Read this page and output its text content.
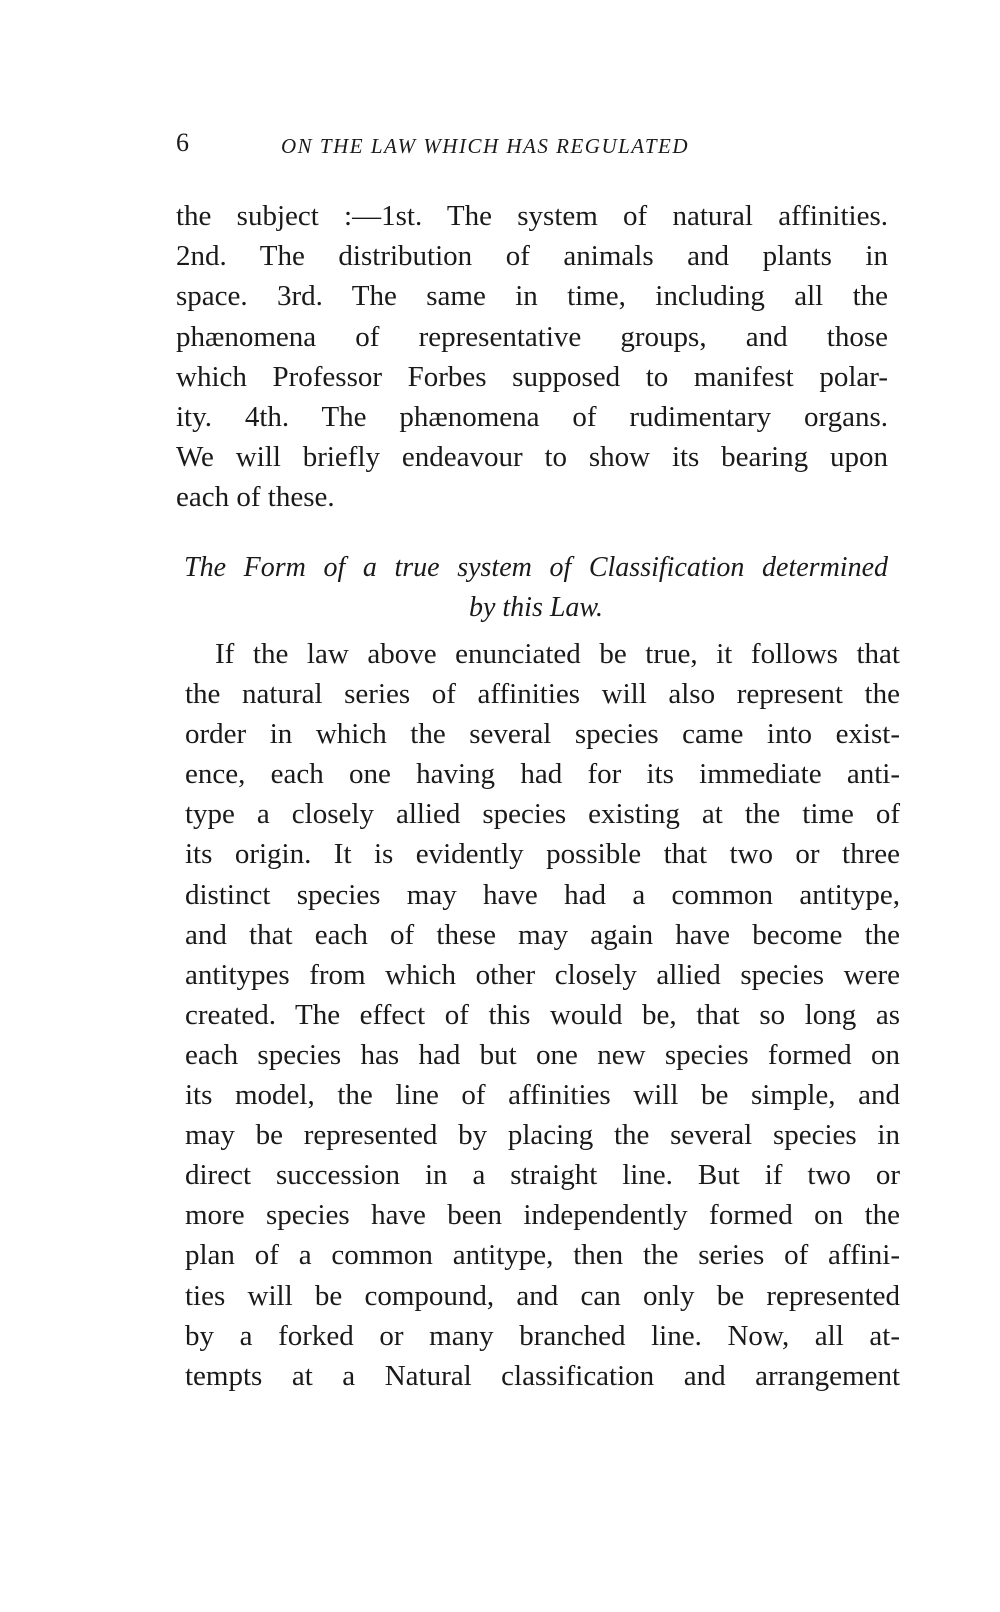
6	ON THE LAW WHICH HAS REGULATED
the subject :—1st. The system of natural affinities.
2nd. The distribution of animals and plants in
space. 3rd. The same in time, including all the
phænomena of representative groups, and those
which Professor Forbes supposed to manifest polar-
ity. 4th. The phænomena of rudimentary organs.
We will briefly endeavour to show its bearing upon
each of these.
The Form of a true system of Classification determined
by this Law.
If the law above enunciated be true, it follows that
the natural series of affinities will also represent the
order in which the several species came into exist-
ence, each one having had for its immediate anti-
type a closely allied species existing at the time of
its origin. It is evidently possible that two or three
distinct species may have had a common antitype,
and that each of these may again have become the
antitypes from which other closely allied species were
created. The effect of this would be, that so long as
each species has had but one new species formed on
its model, the line of affinities will be simple, and
may be represented by placing the several species in
direct succession in a straight line. But if two or
more species have been independently formed on the
plan of a common antitype, then the series of affini-
ties will be compound, and can only be represented
by a forked or many branched line. Now, all at-
tempts at a Natural classification and arrangement
